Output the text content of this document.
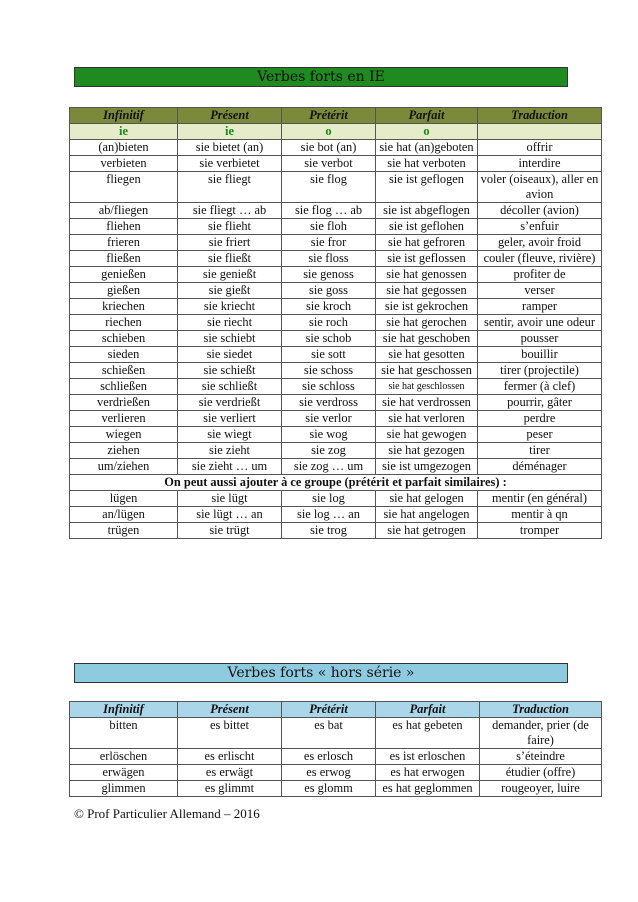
Verbes forts en IE
Infinitif	Présent	Prétérit	Parfait	Traduction
ie	ie	o	o	
(an)bieten	sie bietet (an)	sie bot (an)	sie hat (an)geboten	offrir
verbieten	sie verbietet	sie verbot	sie hat verboten	interdire
fliegen	sie fliegt	sie flog	sie ist geflogen	voler (oiseaux), aller en avion
ab/fliegen	sie fliegt … ab	sie flog … ab	sie ist abgeflogen	décoller (avion)
fliehen	sie flieht	sie floh	sie ist geflohen	s’enfuir
frieren	sie friert	sie fror	sie hat gefroren	geler, avoir froid
fließen	sie fließt	sie floss	sie ist geflossen	couler (fleuve, rivière)
genießen	sie genießt	sie genoss	sie hat genossen	profiter de
gießen	sie gießt	sie goss	sie hat gegossen	verser
kriechen	sie kriecht	sie kroch	sie ist gekrochen	ramper
riechen	sie riecht	sie roch	sie hat gerochen	sentir, avoir une odeur
schieben	sie schiebt	sie schob	sie hat geschoben	pousser
sieden	sie siedet	sie sott	sie hat gesotten	bouillir
schießen	sie schießt	sie schoss	sie hat geschossen	tirer (projectile)
schließen	sie schließt	sie schloss	sie hat geschlossen	fermer (à clef)
verdrießen	sie verdrießt	sie verdross	sie hat verdrossen	pourrir, gâter
verlieren	sie verliert	sie verlor	sie hat verloren	perdre
wiegen	sie wiegt	sie wog	sie hat gewogen	peser
ziehen	sie zieht	sie zog	sie hat gezogen	tirer
um/ziehen	sie zieht … um	sie zog … um	sie ist umgezogen	déménager
On peut aussi ajouter à ce groupe (prétérit et parfait similaires) :				
lügen	sie lügt	sie log	sie hat gelogen	mentir (en général)
an/lügen	sie lügt … an	sie log … an	sie hat angelogen	mentir à qn
trügen	sie trügt	sie trog	sie hat getrogen	tromper
Verbes forts « hors série »
Infinitif	Présent	Prétérit	Parfait	Traduction
bitten	es bittet	es bat	es hat gebeten	demander, prier (de faire)
erlöschen	es erlischt	es erlosch	es ist erloschen	s’éteindre
erwägen	es erwägt	es erwog	es hat erwogen	étudier (offre)
glimmen	es glimmt	es glomm	es hat geglommen	rougeoyer, luire
© Prof Particulier Allemand – 2016
